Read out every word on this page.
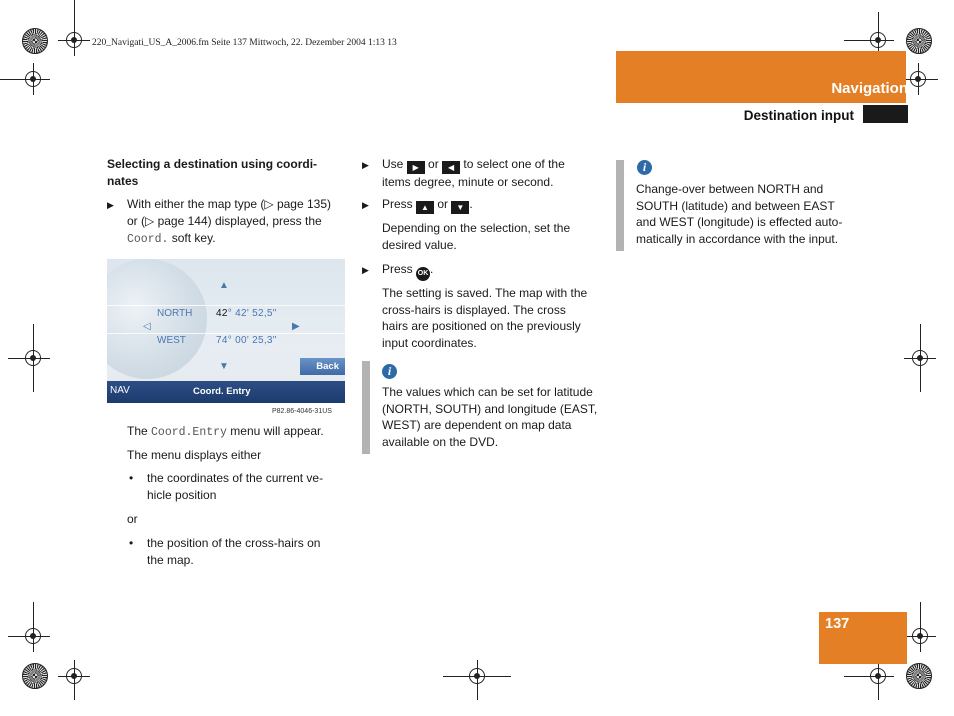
220_Navigati_US_A_2006.fm Seite 137 Mittwoch, 22. Dezember 2004 1:13 13
Navigation
Destination input
Selecting a destination using coordi-
nates
▶ With either the map type (▷ page 135)
or (▷ page 144) displayed, press the
Coord. soft key.
▲
▼
◁	▶
NORTH 42° 42' 52,5"
WEST	74° 00' 25,3"
Back
NAV	Coord. Entry
P82.86-4046-31US
The Coord.Entry menu will appear.
The menu displays either
• the coordinates of the current ve-
hicle position
or
• the position of the cross-hairs on
the map.
▶ Use ▶ or ◀ to select one of the
items degree, minute or second.
▶ Press ▲ or ▼ .
Depending on the selection, set the
desired value.
▶ Press OK .
The setting is saved. The map with the
cross-hairs is displayed. The cross
hairs are positioned on the previously
input coordinates.
i
The values which can be set for latitude
(NORTH, SOUTH) and longitude (EAST,
WEST) are dependent on map data
available on the DVD.
i
Change-over between NORTH and
SOUTH (latitude) and between EAST
and WEST (longitude) is effected auto-
matically in accordance with the input.
137
